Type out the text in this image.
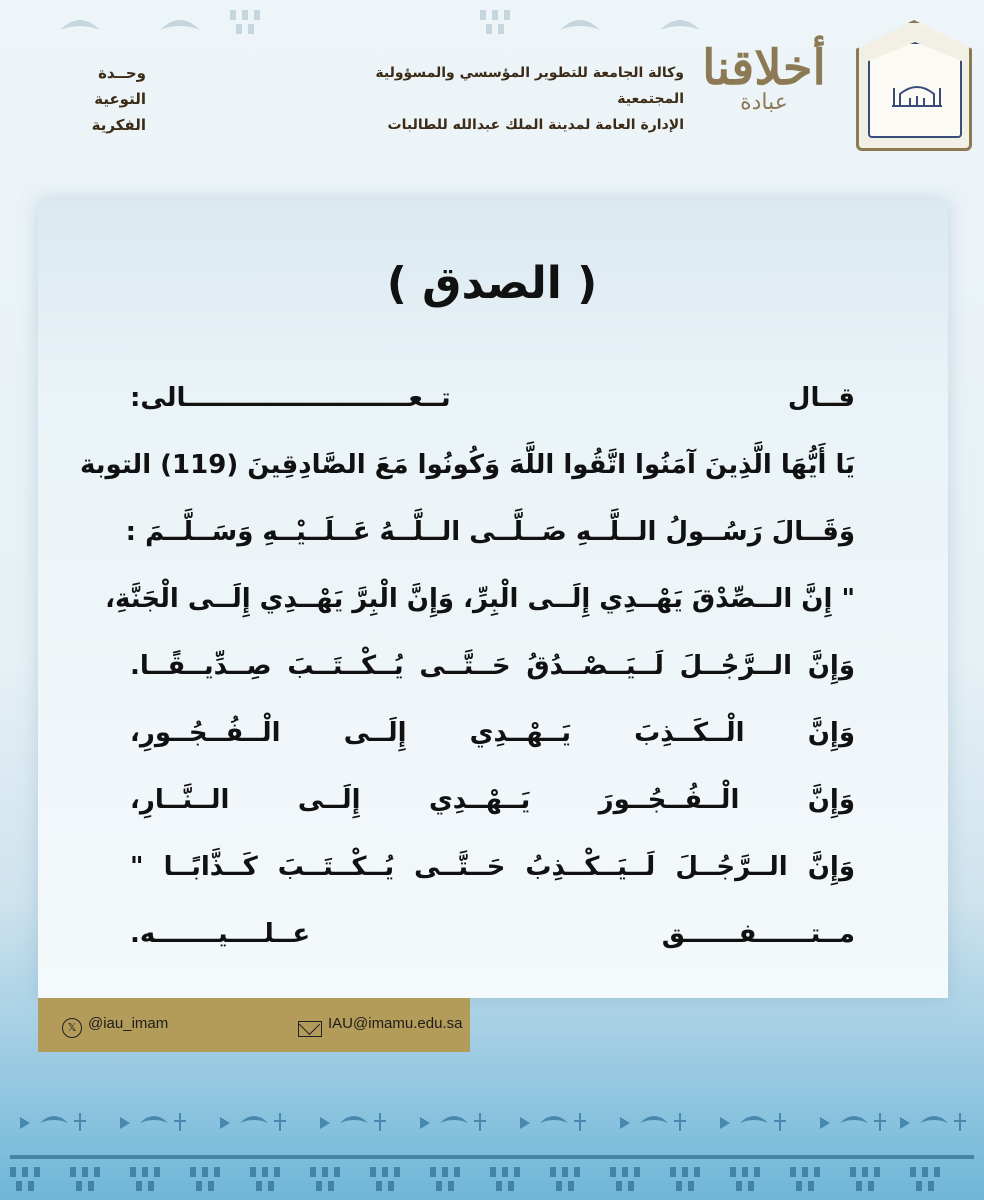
أخلاقنا
عبادة
وكالة الجامعة للتطوير المؤسسي والمسؤولية المجتمعية
الإدارة العامة لمدينة الملك عبدالله للطالبات
وحــدة
التوعية الفكرية
( الصدق )
قــال تــعـــــــــــــــــــــــــالى:
يَا أَيُّهَا الَّذِينَ آمَنُوا اتَّقُوا اللَّهَ وَكُونُوا مَعَ الصَّادِقِينَ (119) التوبة
وَقَــالَ رَسُــولُ الــلَّــهِ صَــلَّــى الــلَّــهُ عَــلَــيْــهِ وَسَــلَّــمَ :
" إِنَّ الــصِّدْقَ يَهْــدِي إِلَــى الْبِرِّ، وَإِنَّ الْبِرَّ يَهْــدِي إِلَــى الْجَنَّةِ،
وَإِنَّ الــرَّجُــلَ لَــيَــصْــدُقُ حَــتَّــى يُــكْــتَــبَ صِــدِّيــقًــا.
وَإِنَّ الْــكَــذِبَ يَــهْــدِي إِلَــى الْــفُــجُــورِ،
وَإِنَّ الْــفُــجُــورَ يَــهْــدِي إِلَــى الــنَّــارِ،
وَإِنَّ الــرَّجُــلَ لَــيَــكْــذِبُ حَــتَّــى يُــكْــتَــبَ كَــذَّابًــا "
مــتــــــفــــــق عــلــــيـــــــه.
𝕏 @iau_imam	IAU@imamu.edu.sa
